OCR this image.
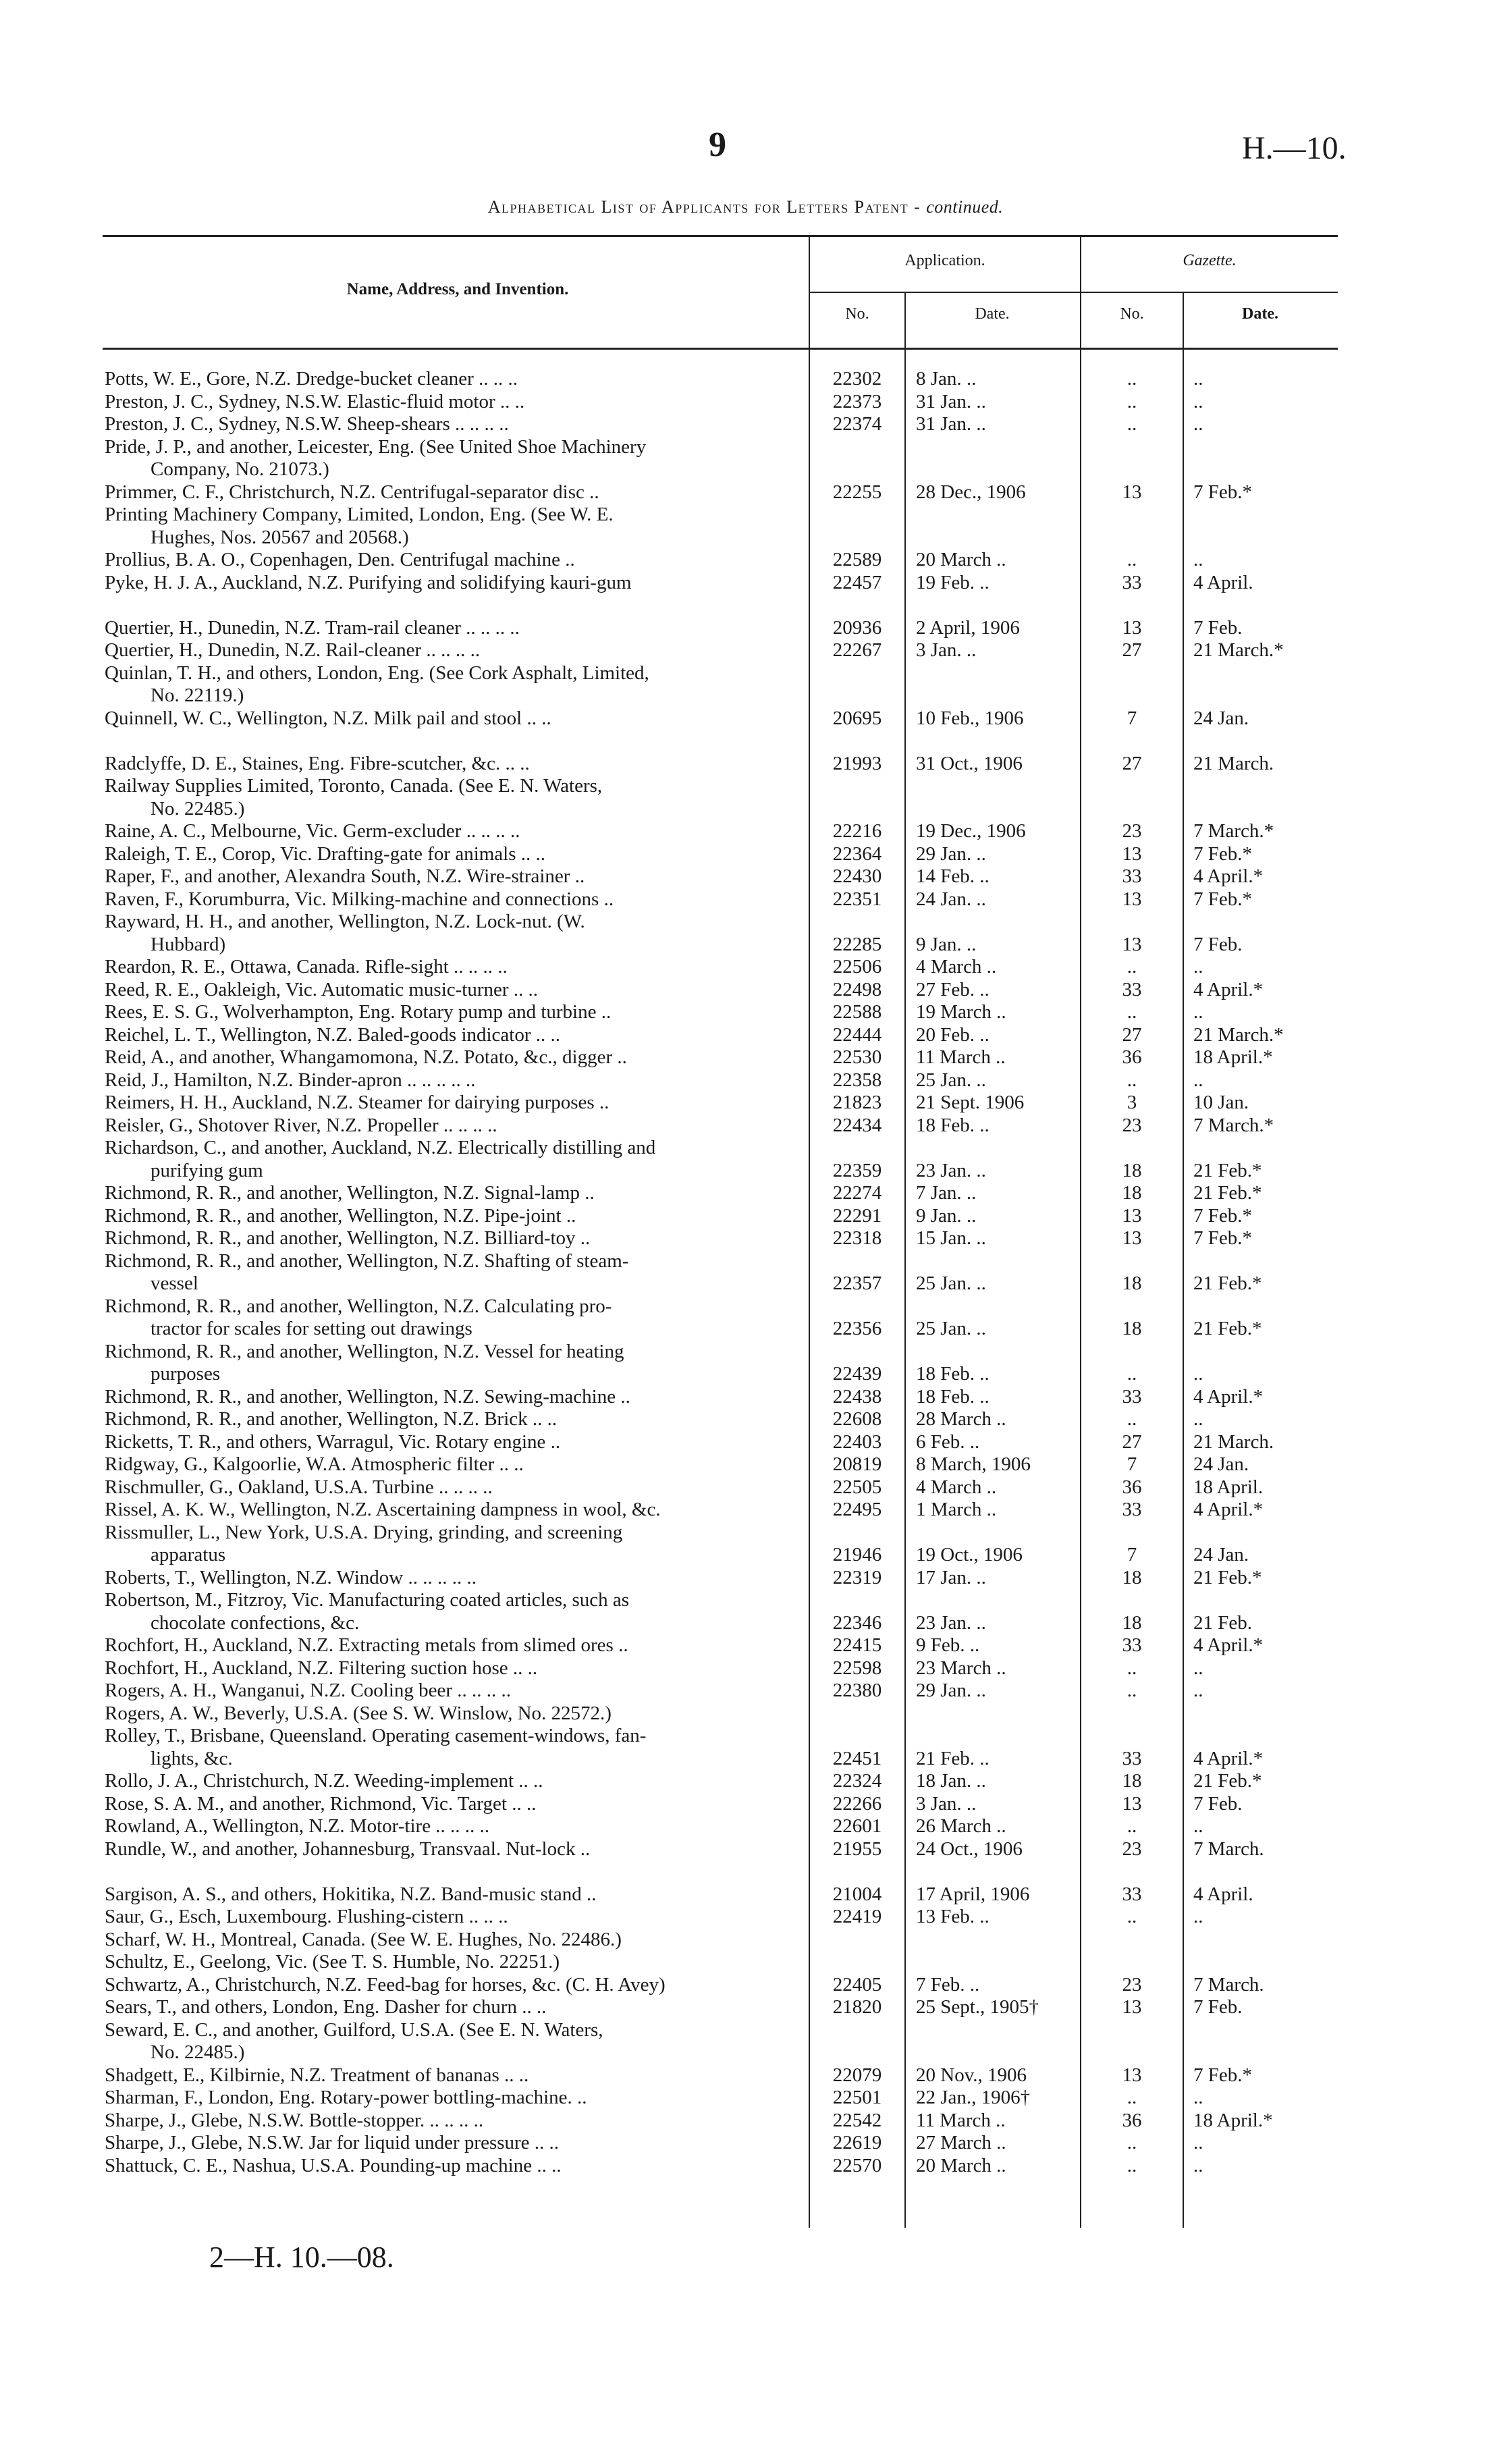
9	H.—10.
Alphabetical List of Applicants for Letters Patent - continued.
Name, Address, and Invention.
Application.	Gazette.
No.	Date.	No.	Date.
Potts, W. E., Gore, N.Z. Dredge-bucket cleaner .. .. ..	22302	8 Jan. ..	..	..
Preston, J. C., Sydney, N.S.W. Elastic-fluid motor .. ..	22373	31 Jan. ..	..	..
Preston, J. C., Sydney, N.S.W. Sheep-shears .. .. .. ..	22374	31 Jan. ..	..	..
Pride, J. P., and another, Leicester, Eng. (See United Shoe Machinery
Company, No. 21073.)
Primmer, C. F., Christchurch, N.Z. Centrifugal-separator disc ..	22255	28 Dec., 1906	13	7 Feb.*
Printing Machinery Company, Limited, London, Eng. (See W. E.
Hughes, Nos. 20567 and 20568.)
Prollius, B. A. O., Copenhagen, Den. Centrifugal machine ..	22589	20 March ..	..	..
Pyke, H. J. A., Auckland, N.Z. Purifying and solidifying kauri-gum	22457	19 Feb. ..	33	4 April.
Quertier, H., Dunedin, N.Z. Tram-rail cleaner .. .. .. ..	20936	2 April, 1906	13	7 Feb.
Quertier, H., Dunedin, N.Z. Rail-cleaner .. .. .. ..	22267	3 Jan. ..	27	21 March.*
Quinlan, T. H., and others, London, Eng. (See Cork Asphalt, Limited,
No. 22119.)
Quinnell, W. C., Wellington, N.Z. Milk pail and stool .. ..	20695	10 Feb., 1906	7	24 Jan.
Radclyffe, D. E., Staines, Eng. Fibre-scutcher, &c. .. ..	21993	31 Oct., 1906	27	21 March.
Railway Supplies Limited, Toronto, Canada. (See E. N. Waters,
No. 22485.)
Raine, A. C., Melbourne, Vic. Germ-excluder .. .. .. ..	22216	19 Dec., 1906	23	7 March.*
Raleigh, T. E., Corop, Vic. Drafting-gate for animals .. ..	22364	29 Jan. ..	13	7 Feb.*
Raper, F., and another, Alexandra South, N.Z. Wire-strainer ..	22430	14 Feb. ..	33	4 April.*
Raven, F., Korumburra, Vic. Milking-machine and connections ..	22351	24 Jan. ..	13	7 Feb.*
Rayward, H. H., and another, Wellington, N.Z. Lock-nut. (W.
Hubbard)	22285	9 Jan. ..	13	7 Feb.
Reardon, R. E., Ottawa, Canada. Rifle-sight .. .. .. ..	22506	4 March ..	..	..
Reed, R. E., Oakleigh, Vic. Automatic music-turner .. ..	22498	27 Feb. ..	33	4 April.*
Rees, E. S. G., Wolverhampton, Eng. Rotary pump and turbine ..	22588	19 March ..	..	..
Reichel, L. T., Wellington, N.Z. Baled-goods indicator .. ..	22444	20 Feb. ..	27	21 March.*
Reid, A., and another, Whangamomona, N.Z. Potato, &c., digger ..	22530	11 March ..	36	18 April.*
Reid, J., Hamilton, N.Z. Binder-apron .. .. .. .. ..	22358	25 Jan. ..	..	..
Reimers, H. H., Auckland, N.Z. Steamer for dairying purposes ..	21823	21 Sept. 1906	3	10 Jan.
Reisler, G., Shotover River, N.Z. Propeller .. .. .. ..	22434	18 Feb. ..	23	7 March.*
Richardson, C., and another, Auckland, N.Z. Electrically distilling and
purifying gum	22359	23 Jan. ..	18	21 Feb.*
Richmond, R. R., and another, Wellington, N.Z. Signal-lamp ..	22274	7 Jan. ..	18	21 Feb.*
Richmond, R. R., and another, Wellington, N.Z. Pipe-joint ..	22291	9 Jan. ..	13	7 Feb.*
Richmond, R. R., and another, Wellington, N.Z. Billiard-toy ..	22318	15 Jan. ..	13	7 Feb.*
Richmond, R. R., and another, Wellington, N.Z. Shafting of steam-
vessel	22357	25 Jan. ..	18	21 Feb.*
Richmond, R. R., and another, Wellington, N.Z. Calculating pro-
tractor for scales for setting out drawings	22356	25 Jan. ..	18	21 Feb.*
Richmond, R. R., and another, Wellington, N.Z. Vessel for heating
purposes	22439	18 Feb. ..	..	..
Richmond, R. R., and another, Wellington, N.Z. Sewing-machine ..	22438	18 Feb. ..	33	4 April.*
Richmond, R. R., and another, Wellington, N.Z. Brick .. ..	22608	28 March ..	..	..
Ricketts, T. R., and others, Warragul, Vic. Rotary engine ..	22403	6 Feb. ..	27	21 March.
Ridgway, G., Kalgoorlie, W.A. Atmospheric filter .. ..	20819	8 March, 1906	7	24 Jan.
Rischmuller, G., Oakland, U.S.A. Turbine .. .. .. ..	22505	4 March ..	36	18 April.
Rissel, A. K. W., Wellington, N.Z. Ascertaining dampness in wool, &c.	22495	1 March ..	33	4 April.*
Rissmuller, L., New York, U.S.A. Drying, grinding, and screening
apparatus	21946	19 Oct., 1906	7	24 Jan.
Roberts, T., Wellington, N.Z. Window .. .. .. .. ..	22319	17 Jan. ..	18	21 Feb.*
Robertson, M., Fitzroy, Vic. Manufacturing coated articles, such as
chocolate confections, &c.	22346	23 Jan. ..	18	21 Feb.
Rochfort, H., Auckland, N.Z. Extracting metals from slimed ores ..	22415	9 Feb. ..	33	4 April.*
Rochfort, H., Auckland, N.Z. Filtering suction hose .. ..	22598	23 March ..	..	..
Rogers, A. H., Wanganui, N.Z. Cooling beer .. .. .. ..	22380	29 Jan. ..	..	..
Rogers, A. W., Beverly, U.S.A. (See S. W. Winslow, No. 22572.)
Rolley, T., Brisbane, Queensland. Operating casement-windows, fan-
lights, &c.	22451	21 Feb. ..	33	4 April.*
Rollo, J. A., Christchurch, N.Z. Weeding-implement .. ..	22324	18 Jan. ..	18	21 Feb.*
Rose, S. A. M., and another, Richmond, Vic. Target .. ..	22266	3 Jan. ..	13	7 Feb.
Rowland, A., Wellington, N.Z. Motor-tire .. .. .. ..	22601	26 March ..	..	..
Rundle, W., and another, Johannesburg, Transvaal. Nut-lock ..	21955	24 Oct., 1906	23	7 March.
Sargison, A. S., and others, Hokitika, N.Z. Band-music stand ..	21004	17 April, 1906	33	4 April.
Saur, G., Esch, Luxembourg. Flushing-cistern .. .. ..	22419	13 Feb. ..	..	..
Scharf, W. H., Montreal, Canada. (See W. E. Hughes, No. 22486.)
Schultz, E., Geelong, Vic. (See T. S. Humble, No. 22251.)
Schwartz, A., Christchurch, N.Z. Feed-bag for horses, &c. (C. H. Avey)	22405	7 Feb. ..	23	7 March.
Sears, T., and others, London, Eng. Dasher for churn .. ..	21820	25 Sept., 1905†	13	7 Feb.
Seward, E. C., and another, Guilford, U.S.A. (See E. N. Waters,
No. 22485.)
Shadgett, E., Kilbirnie, N.Z. Treatment of bananas .. ..	22079	20 Nov., 1906	13	7 Feb.*
Sharman, F., London, Eng. Rotary-power bottling-machine. ..	22501	22 Jan., 1906†	..	..
Sharpe, J., Glebe, N.S.W. Bottle-stopper. .. .. .. ..	22542	11 March ..	36	18 April.*
Sharpe, J., Glebe, N.S.W. Jar for liquid under pressure .. ..	22619	27 March ..	..	..
Shattuck, C. E., Nashua, U.S.A. Pounding-up machine .. ..	22570	20 March ..	..	..
2—H. 10.—08.
